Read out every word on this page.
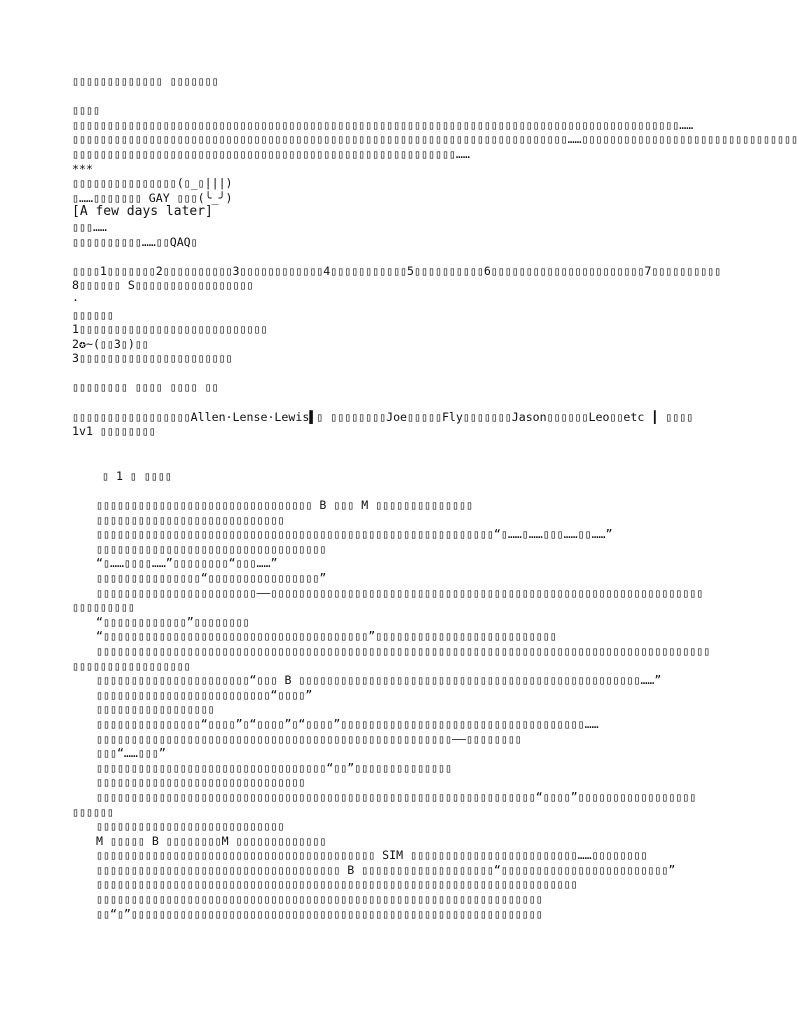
▯▯▯▯▯▯▯▯▯▯▯▯▯ ▯▯▯▯▯▯▯
▯▯▯▯
▯▯▯▯▯▯▯▯▯▯▯▯▯▯▯▯▯▯▯▯▯▯▯▯▯▯▯▯▯▯▯▯▯▯▯▯▯▯▯▯▯▯▯▯▯▯▯▯▯▯▯▯▯▯▯▯▯▯▯▯▯▯▯▯▯▯▯▯▯▯▯▯▯▯▯▯▯▯▯▯▯▯▯▯▯▯▯……
▯▯▯▯▯▯▯▯▯▯▯▯▯▯▯▯▯▯▯▯▯▯▯▯▯▯▯▯▯▯▯▯▯▯▯▯▯▯▯▯▯▯▯▯▯▯▯▯▯▯▯▯▯▯▯▯▯▯▯▯▯▯▯▯▯▯▯▯▯▯▯……▯▯▯▯▯▯▯▯▯▯▯▯▯▯▯▯▯▯▯▯▯▯▯▯▯▯▯▯▯▯▯
▯▯▯▯▯▯▯▯▯▯▯▯▯▯▯▯▯▯▯▯▯▯▯▯▯▯▯▯▯▯▯▯▯▯▯▯▯▯▯▯▯▯▯▯▯▯▯▯▯▯▯▯▯▯▯……
***
▯▯▯▯▯▯▯▯▯▯▯▯▯▯▯(▯_▯|||)
▯……▯▯▯▯▯▯▯ GAY ▯▯▯(╰_╯)
[A few days later]
▯▯▯……
▯▯▯▯▯▯▯▯▯▯……▯▯QAQ▯
▯▯▯▯1▯▯▯▯▯▯▯2▯▯▯▯▯▯▯▯▯▯3▯▯▯▯▯▯▯▯▯▯▯▯4▯▯▯▯▯▯▯▯▯▯▯5▯▯▯▯▯▯▯▯▯▯6▯▯▯▯▯▯▯▯▯▯▯▯▯▯▯▯▯▯▯▯▯▯7▯▯▯▯▯▯▯▯▯▯
8▯▯▯▯▯▯ S▯▯▯▯▯▯▯▯▯▯▯▯▯▯▯▯▯
·
▯▯▯▯▯▯
1▯▯▯▯▯▯▯▯▯▯▯▯▯▯▯▯▯▯▯▯▯▯▯▯▯▯▯
2✪~(▯▯3▯)▯▯
3▯▯▯▯▯▯▯▯▯▯▯▯▯▯▯▯▯▯▯▯▯▯
▯▯▯▯▯▯▯▯ ▯▯▯▯ ▯▯▯▯ ▯▯
▯▯▯▯▯▯▯▯▯▯▯▯▯▯▯▯▯Allen·Lense·Lewis▌▯ ▯▯▯▯▯▯▯▯Joe▯▯▯▯▯Fly▯▯▯▯▯▯▯Jason▯▯▯▯▯▯Leo▯▯etc ┃ ▯▯▯▯
1v1 ▯▯▯▯▯▯▯▯
▯ 1 ▯ ▯▯▯▯
▯▯▯▯▯▯▯▯▯▯▯▯▯▯▯▯▯▯▯▯▯▯▯▯▯▯▯▯▯▯▯ B ▯▯▯ M ▯▯▯▯▯▯▯▯▯▯▯▯▯▯
▯▯▯▯▯▯▯▯▯▯▯▯▯▯▯▯▯▯▯▯▯▯▯▯▯▯▯
▯▯▯▯▯▯▯▯▯▯▯▯▯▯▯▯▯▯▯▯▯▯▯▯▯▯▯▯▯▯▯▯▯▯▯▯▯▯▯▯▯▯▯▯▯▯▯▯▯▯▯▯▯▯▯▯▯“▯……▯……▯▯▯……▯▯……”
▯▯▯▯▯▯▯▯▯▯▯▯▯▯▯▯▯▯▯▯▯▯▯▯▯▯▯▯▯▯▯▯▯
“▯……▯▯▯▯……”▯▯▯▯▯▯▯▯“▯▯▯……”
▯▯▯▯▯▯▯▯▯▯▯▯▯▯▯“▯▯▯▯▯▯▯▯▯▯▯▯▯▯▯▯”
▯▯▯▯▯▯▯▯▯▯▯▯▯▯▯▯▯▯▯▯▯▯▯——▯▯▯▯▯▯▯▯▯▯▯▯▯▯▯▯▯▯▯▯▯▯▯▯▯▯▯▯▯▯▯▯▯▯▯▯▯▯▯▯▯▯▯▯▯▯▯▯▯▯▯▯▯▯▯▯▯▯▯▯▯▯
▯▯▯▯▯▯▯▯▯
“▯▯▯▯▯▯▯▯▯▯▯▯”▯▯▯▯▯▯▯▯
“▯▯▯▯▯▯▯▯▯▯▯▯▯▯▯▯▯▯▯▯▯▯▯▯▯▯▯▯▯▯▯▯▯▯▯▯▯▯”▯▯▯▯▯▯▯▯▯▯▯▯▯▯▯▯▯▯▯▯▯▯▯▯▯▯
▯▯▯▯▯▯▯▯▯▯▯▯▯▯▯▯▯▯▯▯▯▯▯▯▯▯▯▯▯▯▯▯▯▯▯▯▯▯▯▯▯▯▯▯▯▯▯▯▯▯▯▯▯▯▯▯▯▯▯▯▯▯▯▯▯▯▯▯▯▯▯▯▯▯▯▯▯▯▯▯▯▯▯▯▯▯▯▯
▯▯▯▯▯▯▯▯▯▯▯▯▯▯▯▯▯
▯▯▯▯▯▯▯▯▯▯▯▯▯▯▯▯▯▯▯▯▯▯“▯▯▯ B ▯▯▯▯▯▯▯▯▯▯▯▯▯▯▯▯▯▯▯▯▯▯▯▯▯▯▯▯▯▯▯▯▯▯▯▯▯▯▯▯▯▯▯▯▯▯▯▯▯……”
▯▯▯▯▯▯▯▯▯▯▯▯▯▯▯▯▯▯▯▯▯▯▯▯▯“▯▯▯▯”
▯▯▯▯▯▯▯▯▯▯▯▯▯▯▯▯▯
▯▯▯▯▯▯▯▯▯▯▯▯▯▯▯“▯▯▯▯”▯“▯▯▯▯”▯“▯▯▯▯”▯▯▯▯▯▯▯▯▯▯▯▯▯▯▯▯▯▯▯▯▯▯▯▯▯▯▯▯▯▯▯▯▯▯▯……
▯▯▯▯▯▯▯▯▯▯▯▯▯▯▯▯▯▯▯▯▯▯▯▯▯▯▯▯▯▯▯▯▯▯▯▯▯▯▯▯▯▯▯▯▯▯▯▯▯▯▯——▯▯▯▯▯▯▯▯
▯▯▯“……▯▯▯”
▯▯▯▯▯▯▯▯▯▯▯▯▯▯▯▯▯▯▯▯▯▯▯▯▯▯▯▯▯▯▯▯▯“▯▯”▯▯▯▯▯▯▯▯▯▯▯▯▯▯
▯▯▯▯▯▯▯▯▯▯▯▯▯▯▯▯▯▯▯▯▯▯▯▯▯▯▯▯▯▯
▯▯▯▯▯▯▯▯▯▯▯▯▯▯▯▯▯▯▯▯▯▯▯▯▯▯▯▯▯▯▯▯▯▯▯▯▯▯▯▯▯▯▯▯▯▯▯▯▯▯▯▯▯▯▯▯▯▯▯▯▯▯▯“▯▯▯▯”▯▯▯▯▯▯▯▯▯▯▯▯▯▯▯▯▯
▯▯▯▯▯▯
▯▯▯▯▯▯▯▯▯▯▯▯▯▯▯▯▯▯▯▯▯▯▯▯▯▯▯
M ▯▯▯▯▯ B ▯▯▯▯▯▯▯▯M ▯▯▯▯▯▯▯▯▯▯▯▯▯
▯▯▯▯▯▯▯▯▯▯▯▯▯▯▯▯▯▯▯▯▯▯▯▯▯▯▯▯▯▯▯▯▯▯▯▯▯▯▯▯ SIM ▯▯▯▯▯▯▯▯▯▯▯▯▯▯▯▯▯▯▯▯▯▯▯▯……▯▯▯▯▯▯▯▯
▯▯▯▯▯▯▯▯▯▯▯▯▯▯▯▯▯▯▯▯▯▯▯▯▯▯▯▯▯▯▯▯▯▯▯ B ▯▯▯▯▯▯▯▯▯▯▯▯▯▯▯▯▯▯▯“▯▯▯▯▯▯▯▯▯▯▯▯▯▯▯▯▯▯▯▯▯▯▯▯”
▯▯▯▯▯▯▯▯▯▯▯▯▯▯▯▯▯▯▯▯▯▯▯▯▯▯▯▯▯▯▯▯▯▯▯▯▯▯▯▯▯▯▯▯▯▯▯▯▯▯▯▯▯▯▯▯▯▯▯▯▯▯▯▯▯▯▯▯▯
▯▯▯▯▯▯▯▯▯▯▯▯▯▯▯▯▯▯▯▯▯▯▯▯▯▯▯▯▯▯▯▯▯▯▯▯▯▯▯▯▯▯▯▯▯▯▯▯▯▯▯▯▯▯▯▯▯▯▯▯▯▯▯▯
▯▯“▯”▯▯▯▯▯▯▯▯▯▯▯▯▯▯▯▯▯▯▯▯▯▯▯▯▯▯▯▯▯▯▯▯▯▯▯▯▯▯▯▯▯▯▯▯▯▯▯▯▯▯▯▯▯▯▯▯▯▯▯
